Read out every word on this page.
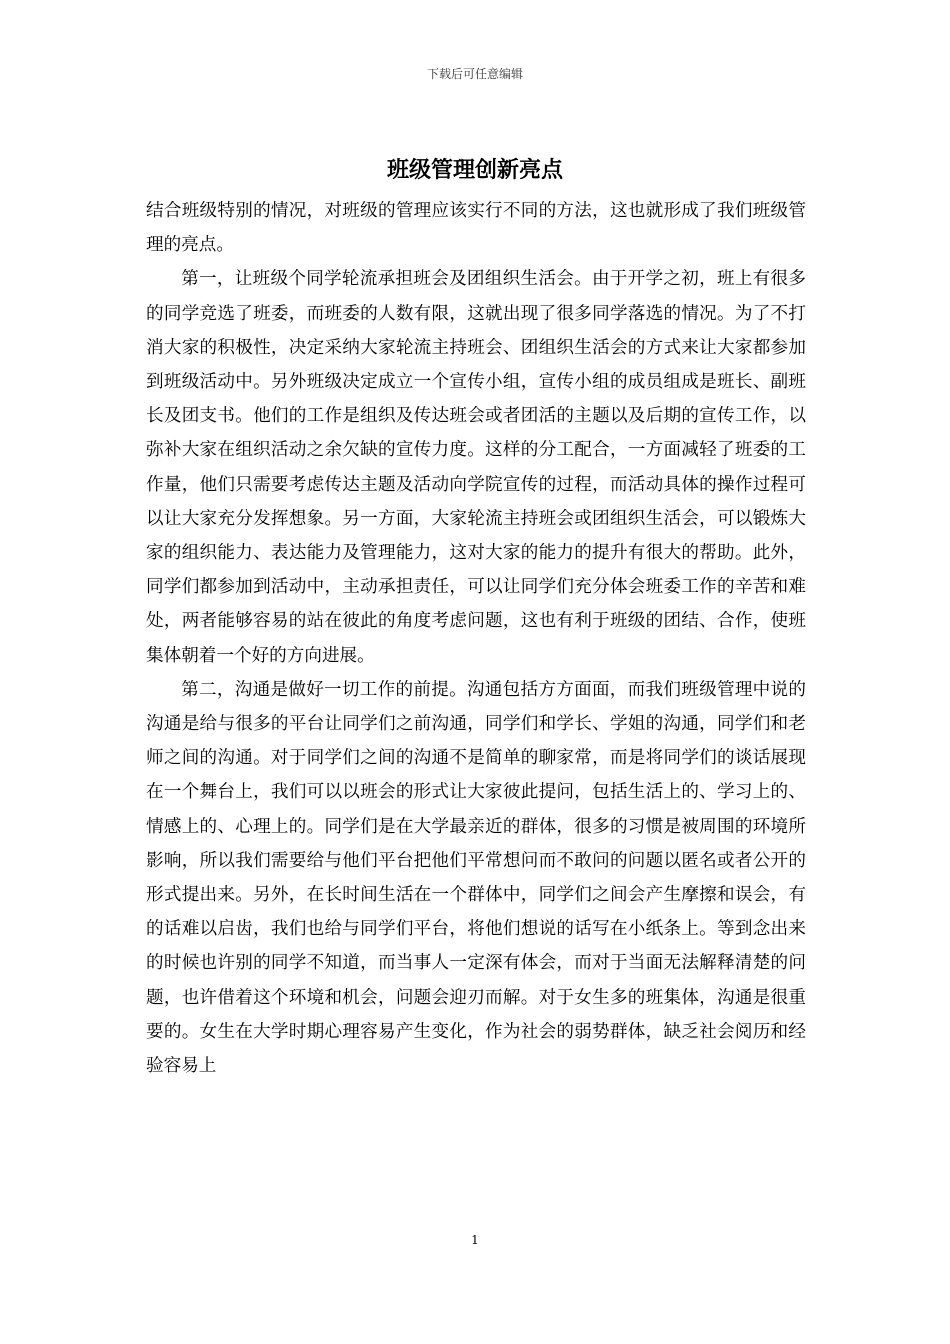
下载后可任意编辑
班级管理创新亮点

结合班级特别的情况，对班级的管理应该实行不同的方法，这也就形成了我们班级管理的亮点。

第一，让班级个同学轮流承担班会及团组织生活会。由于开学之初，班上有很多的同学竞选了班委，而班委的人数有限，这就出现了很多同学落选的情况。为了不打消大家的积极性，决定采纳大家轮流主持班会、团组织生活会的方式来让大家都参加到班级活动中。另外班级决定成立一个宣传小组，宣传小组的成员组成是班长、副班长及团支书。他们的工作是组织及传达班会或者团活的主题以及后期的宣传工作，以弥补大家在组织活动之余欠缺的宣传力度。这样的分工配合，一方面减轻了班委的工作量，他们只需要考虑传达主题及活动向学院宣传的过程，而活动具体的操作过程可以让大家充分发挥想象。另一方面，大家轮流主持班会或团组织生活会，可以锻炼大家的组织能力、表达能力及管理能力，这对大家的能力的提升有很大的帮助。此外，同学们都参加到活动中，主动承担责任，可以让同学们充分体会班委工作的辛苦和难处，两者能够容易的站在彼此的角度考虑问题，这也有利于班级的团结、合作，使班集体朝着一个好的方向进展。

第二，沟通是做好一切工作的前提。沟通包括方方面面，而我们班级管理中说的沟通是给与很多的平台让同学们之前沟通，同学们和学长、学姐的沟通，同学们和老师之间的沟通。对于同学们之间的沟通不是简单的聊家常，而是将同学们的谈话展现在一个舞台上，我们可以以班会的形式让大家彼此提问，包括生活上的、学习上的、情感上的、心理上的。同学们是在大学最亲近的群体，很多的习惯是被周围的环境所影响，所以我们需要给与他们平台把他们平常想问而不敢问的问题以匿名或者公开的形式提出来。另外，在长时间生活在一个群体中，同学们之间会产生摩擦和误会，有的话难以启齿，我们也给与同学们平台，将他们想说的话写在小纸条上。等到念出来的时候也许别的同学不知道，而当事人一定深有体会，而对于当面无法解释清楚的问题，也许借着这个环境和机会，问题会迎刃而解。对于女生多的班集体，沟通是很重要的。女生在大学时期心理容易产生变化，作为社会的弱势群体，缺乏社会阅历和经验容易上

1
